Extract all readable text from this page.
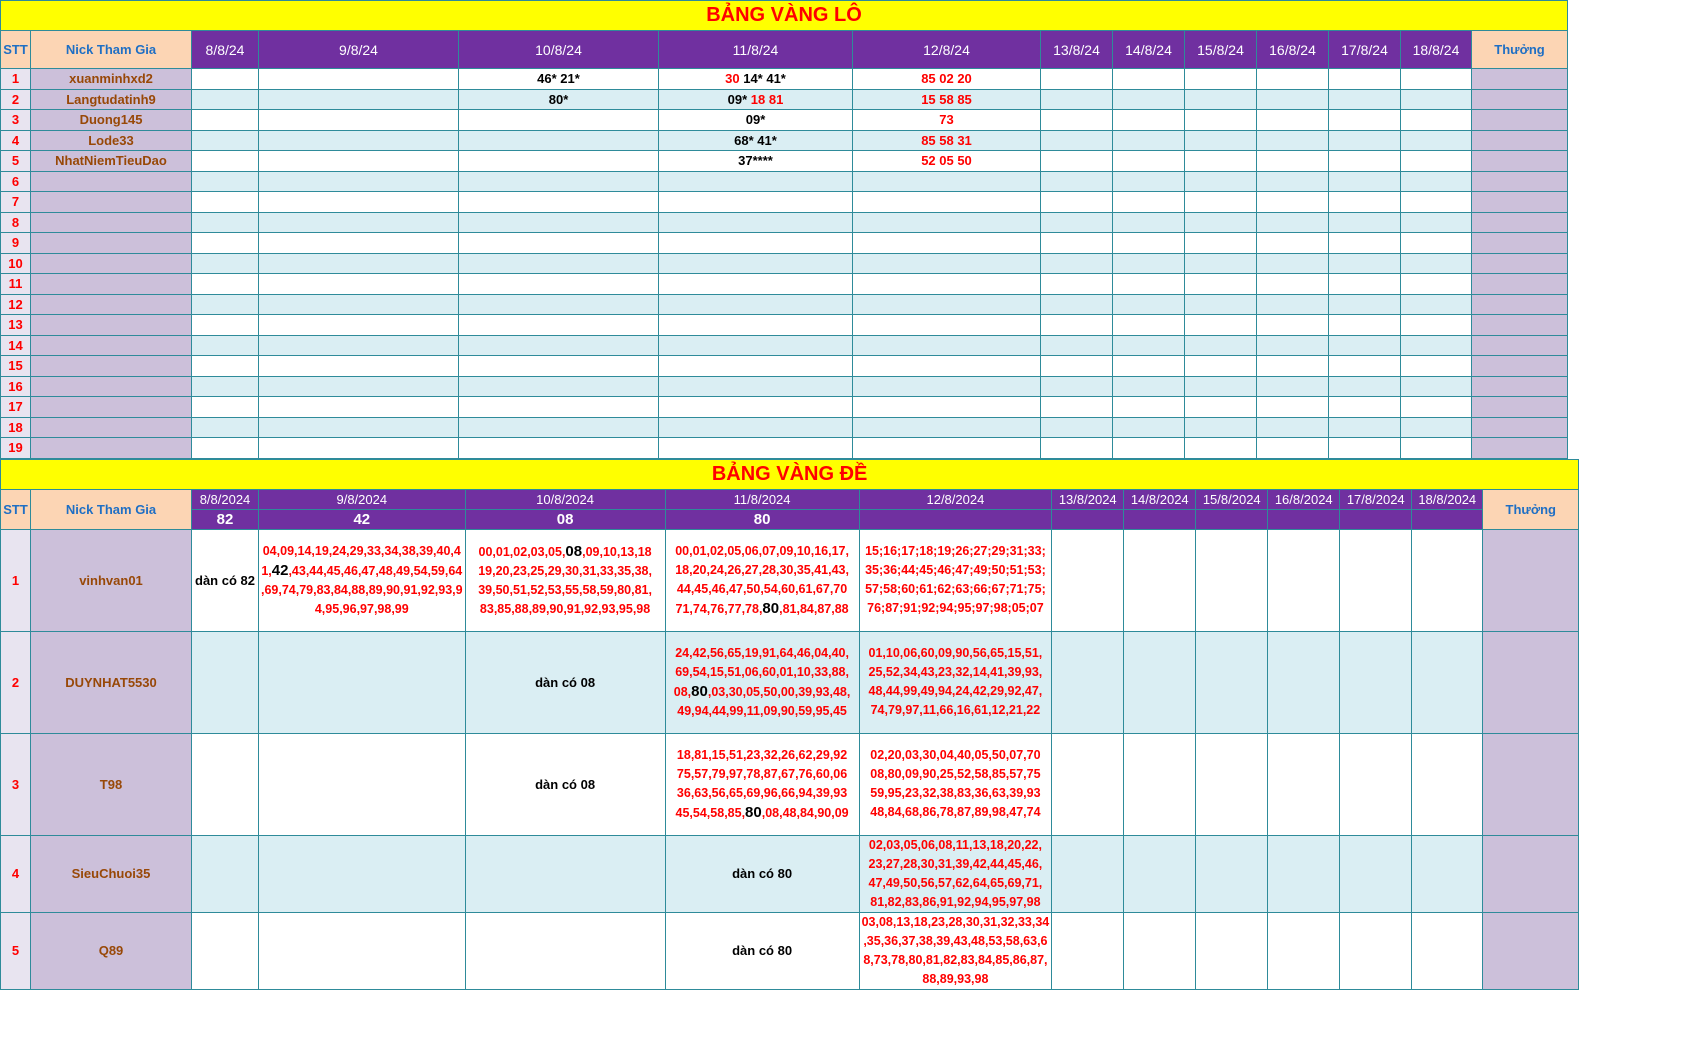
BẢNG VÀNG LÔ													
STT	Nick Tham Gia	8/8/24	9/8/24	10/8/24	11/8/24	12/8/24	13/8/24	14/8/24	15/8/24	16/8/24	17/8/24	18/8/24	Thưởng
1	xuanminhxd2			46* 21*	30 14* 41*	85 02 20							
2	Langtudatinh9			80*	09* 18 81	15 58 85							
3	Duong145				09*	73							
4	Lode33				68* 41*	85 58 31							
5	NhatNiemTieuDao				37****	52 05 50							
6													
7													
8													
9													
10													
11													
12													
13													
14													
15													
16													
17													
18													
19													
BẢNG VÀNG ĐỀ													
STT	Nick Tham Gia	8/8/2024	9/8/2024	10/8/2024	11/8/2024	12/8/2024	13/8/2024	14/8/2024	15/8/2024	16/8/2024	17/8/2024	18/8/2024	Thưởng
		82	42	08	80								
1	vinhvan01	dàn có 82	04,09,14,19,24,29,33,34,38,39,40,4
1,42,43,44,45,46,47,48,49,54,59,64
,69,74,79,83,84,88,89,90,91,92,93,9
4,95,96,97,98,99	00,01,02,03,05,08,09,10,13,18
19,20,23,25,29,30,31,33,35,38,
39,50,51,52,53,55,58,59,80,81,
83,85,88,89,90,91,92,93,95,98	00,01,02,05,06,07,09,10,16,17,
18,20,24,26,27,28,30,35,41,43,
44,45,46,47,50,54,60,61,67,70
71,74,76,77,78,80,81,84,87,88	15;16;17;18;19;26;27;29;31;33;
35;36;44;45;46;47;49;50;51;53;
57;58;60;61;62;63;66;67;71;75;
76;87;91;92;94;95;97;98;05;07							

2	DUYNHAT5530			dàn có 08	24,42,56,65,19,91,64,46,04,40,
69,54,15,51,06,60,01,10,33,88,
08,80,03,30,05,50,00,39,93,48,
49,94,44,99,11,09,90,59,95,45	01,10,06,60,09,90,56,65,15,51,
25,52,34,43,23,32,14,41,39,93,
48,44,99,49,94,24,42,29,92,47,
74,79,97,11,66,16,61,12,21,22							

3	T98			dàn có 08	18,81,15,51,23,32,26,62,29,92
75,57,79,97,78,87,67,76,60,06
36,63,56,65,69,96,66,94,39,93
45,54,58,85,80,08,48,84,90,09	02,20,03,30,04,40,05,50,07,70
08,80,09,90,25,52,58,85,57,75
59,95,23,32,38,83,36,63,39,93
48,84,68,86,78,87,89,98,47,74							

4	SieuChuoi35				dàn có 80	02,03,05,06,08,11,13,18,20,22,
23,27,28,30,31,39,42,44,45,46,
47,49,50,56,57,62,64,65,69,71,
81,82,83,86,91,92,94,95,97,98							

5	Q89				dàn có 80	03,08,13,18,23,28,30,31,32,33,34
,35,36,37,38,39,43,48,53,58,63,6
8,73,78,80,81,82,83,84,85,86,87,
88,89,93,98							
